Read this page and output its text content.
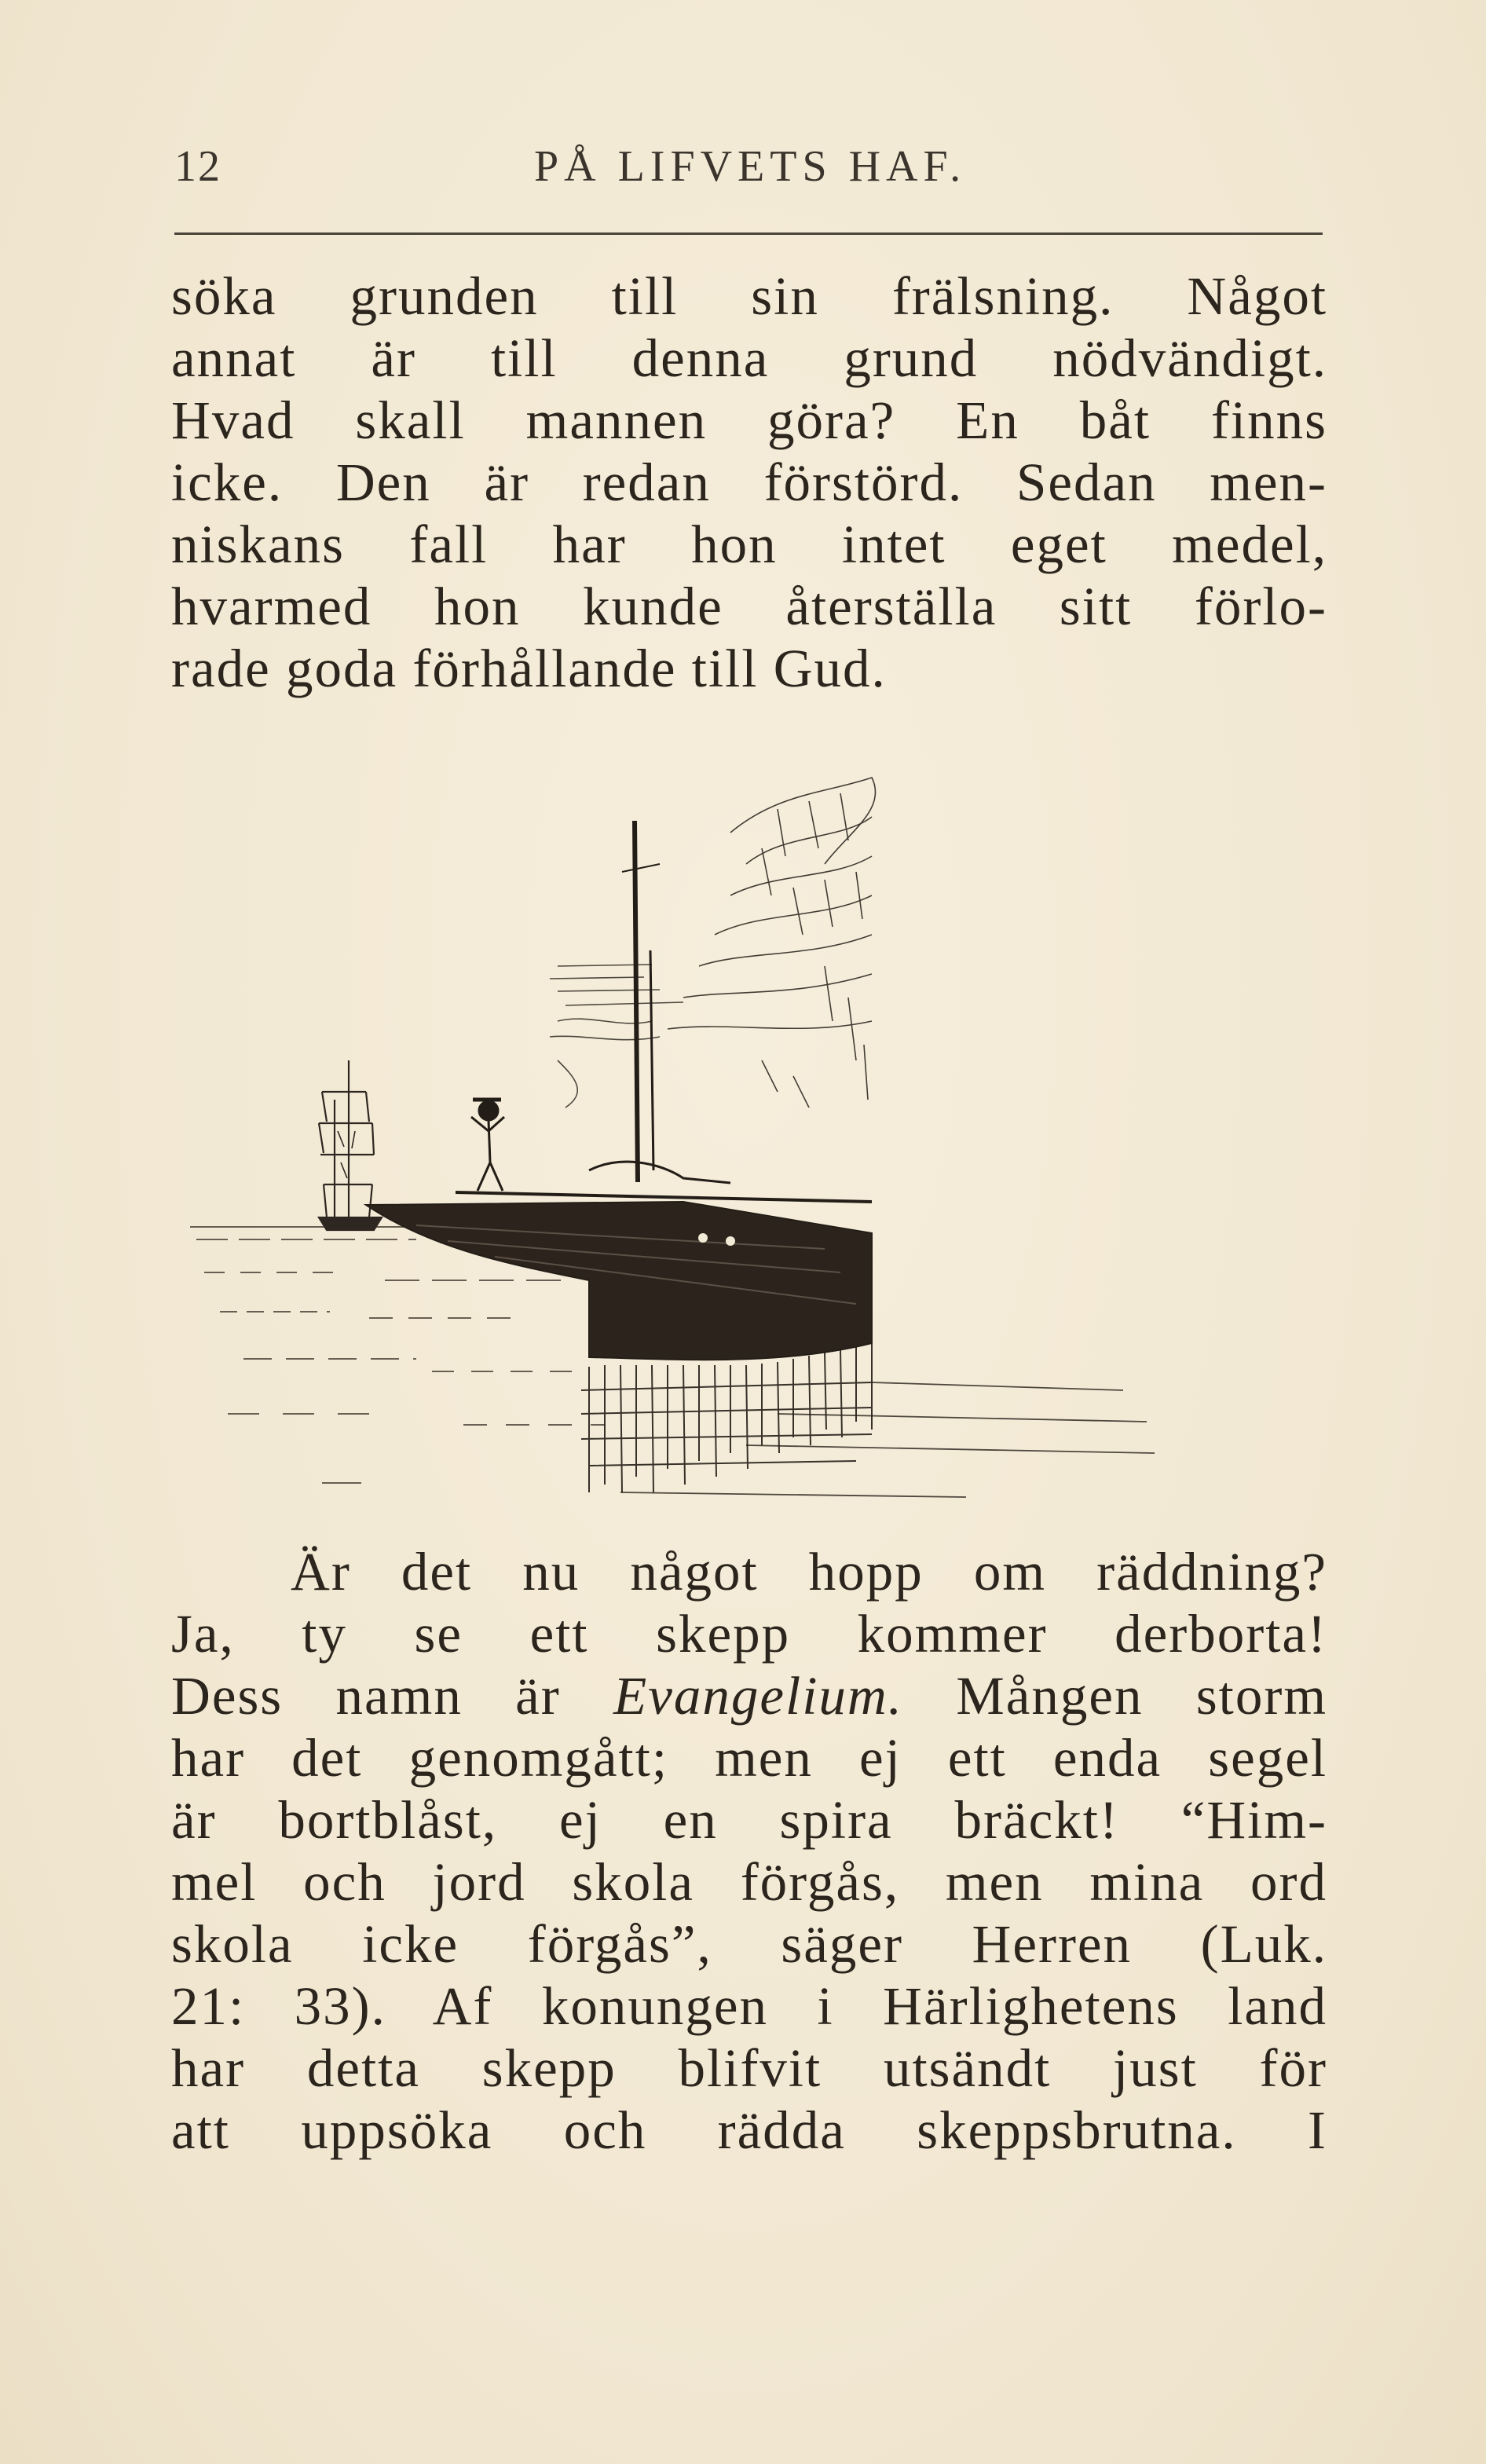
12	PÅ LIFVETS HAF.
söka grunden till sin frälsning. Något
annat är till denna grund nödvändigt.
Hvad skall mannen göra? En båt finns
icke. Den är redan förstörd. Sedan men-
niskans fall har hon intet eget medel,
hvarmed hon kunde återställa sitt förlo-
rade goda förhållande till Gud.
Är det nu något hopp om räddning?
Ja, ty se ett skepp kommer derborta!
Dess namn är Evangelium. Mången storm
har det genomgått; men ej ett enda segel
är bortblåst, ej en spira bräckt! “Him-
mel och jord skola förgås, men mina ord
skola icke förgås”, säger Herren (Luk.
21: 33). Af konungen i Härlighetens land
har detta skepp blifvit utsändt just för
att uppsöka och rädda skeppsbrutna. I
